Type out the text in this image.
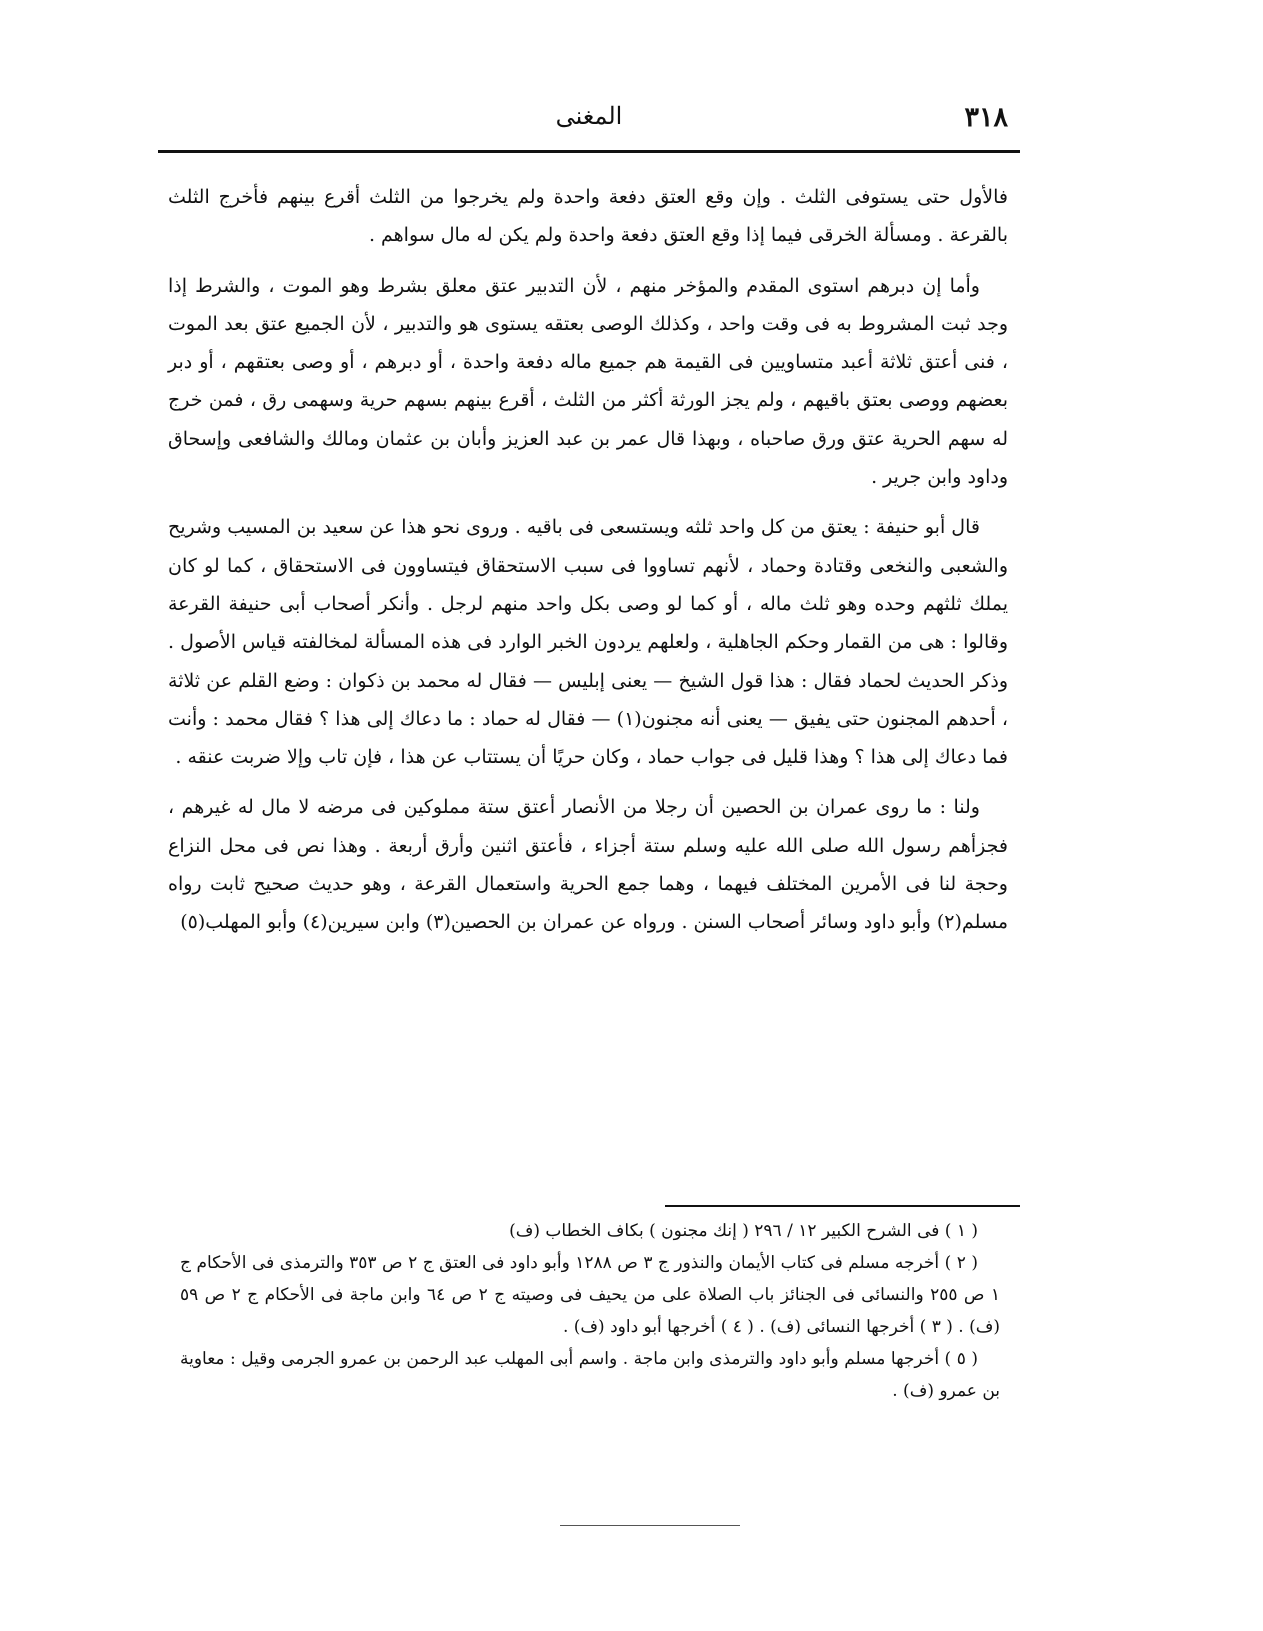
٣١٨
المغنى

فالأول حتى يستوفى الثلث . وإن وقع العتق دفعة واحدة ولم يخرجوا من الثلث أقرع بينهم فأخرج الثلث بالقرعة . ومسألة الخرقى فيما إذا وقع العتق دفعة واحدة ولم يكن له مال سواهم .

وأما إن دبرهم استوى المقدم والمؤخر منهم ، لأن التدبير عتق معلق بشرط وهو الموت ، والشرط إذا وجد ثبت المشروط به فى وقت واحد ، وكذلك الوصى بعتقه يستوى هو والتدبير ، لأن الجميع عتق بعد الموت ، فنى أعتق ثلاثة أعبد متساويين فى القيمة هم جميع ماله دفعة واحدة ، أو دبرهم ، أو وصى بعتقهم ، أو دبر بعضهم ووصى بعتق باقيهم ، ولم يجز الورثة أكثر من الثلث ، أقرع بينهم بسهم حرية وسهمى رق ، فمن خرج له سهم الحرية عتق ورق صاحباه ، وبهذا قال عمر بن عبد العزيز وأبان بن عثمان ومالك والشافعى وإسحاق وداود وابن جرير .

قال أبو حنيفة : يعتق من كل واحد ثلثه ويستسعى فى باقيه . وروى نحو هذا عن سعيد بن المسيب وشريح والشعبى والنخعى وقتادة وحماد ، لأنهم تساووا فى سبب الاستحقاق فيتساوون فى الاستحقاق ، كما لو كان يملك ثلثهم وحده وهو ثلث ماله ، أو كما لو وصى بكل واحد منهم لرجل . وأنكر أصحاب أبى حنيفة القرعة وقالوا : هى من القمار وحكم الجاهلية ، ولعلهم يردون الخبر الوارد فى هذه المسألة لمخالفته قياس الأصول . وذكر الحديث لحماد فقال : هذا قول الشيخ — يعنى إبليس — فقال له محمد بن ذكوان : وضع القلم عن ثلاثة ، أحدهم المجنون حتى يفيق — يعنى أنه مجنون(١) — فقال له حماد : ما دعاك إلى هذا ؟ فقال محمد : وأنت فما دعاك إلى هذا ؟ وهذا قليل فى جواب حماد ، وكان حريًا أن يستتاب عن هذا ، فإن تاب وإلا ضربت عنقه .

ولنا : ما روى عمران بن الحصين أن رجلا من الأنصار أعتق ستة مملوكين فى مرضه لا مال له غيرهم ، فجزأهم رسول الله صلى الله عليه وسلم ستة أجزاء ، فأعتق اثنين وأرق أربعة . وهذا نص فى محل النزاع وحجة لنا فى الأمرين المختلف فيهما ، وهما جمع الحرية واستعمال القرعة ، وهو حديث صحيح ثابت رواه مسلم(٢) وأبو داود وسائر أصحاب السنن . ورواه عن عمران بن الحصين(٣) وابن سيرين(٤) وأبو المهلب(٥)

( ١ ) فى الشرح الكبير ١٢ / ٢٩٦ ( إنك مجنون ) بكاف الخطاب (ف)

( ٢ ) أخرجه مسلم فى كتاب الأيمان والنذور ج ٣ ص ١٢٨٨ وأبو داود فى العتق ج ٢ ص ٣٥٣ والترمذى فى الأحكام ج ١ ص ٢٥٥ والنسائى فى الجنائز باب الصلاة على من يحيف فى وصيته ج ٢ ص ٦٤ وابن ماجة فى الأحكام ج ٢ ص ٥٩ (ف) . ( ٣ ) أخرجها النسائى (ف) . ( ٤ ) أخرجها أبو داود (ف) .

( ٥ ) أخرجها مسلم وأبو داود والترمذى وابن ماجة . واسم أبى المهلب عبد الرحمن بن عمرو الجرمى وقيل : معاوية بن عمرو (ف) .
